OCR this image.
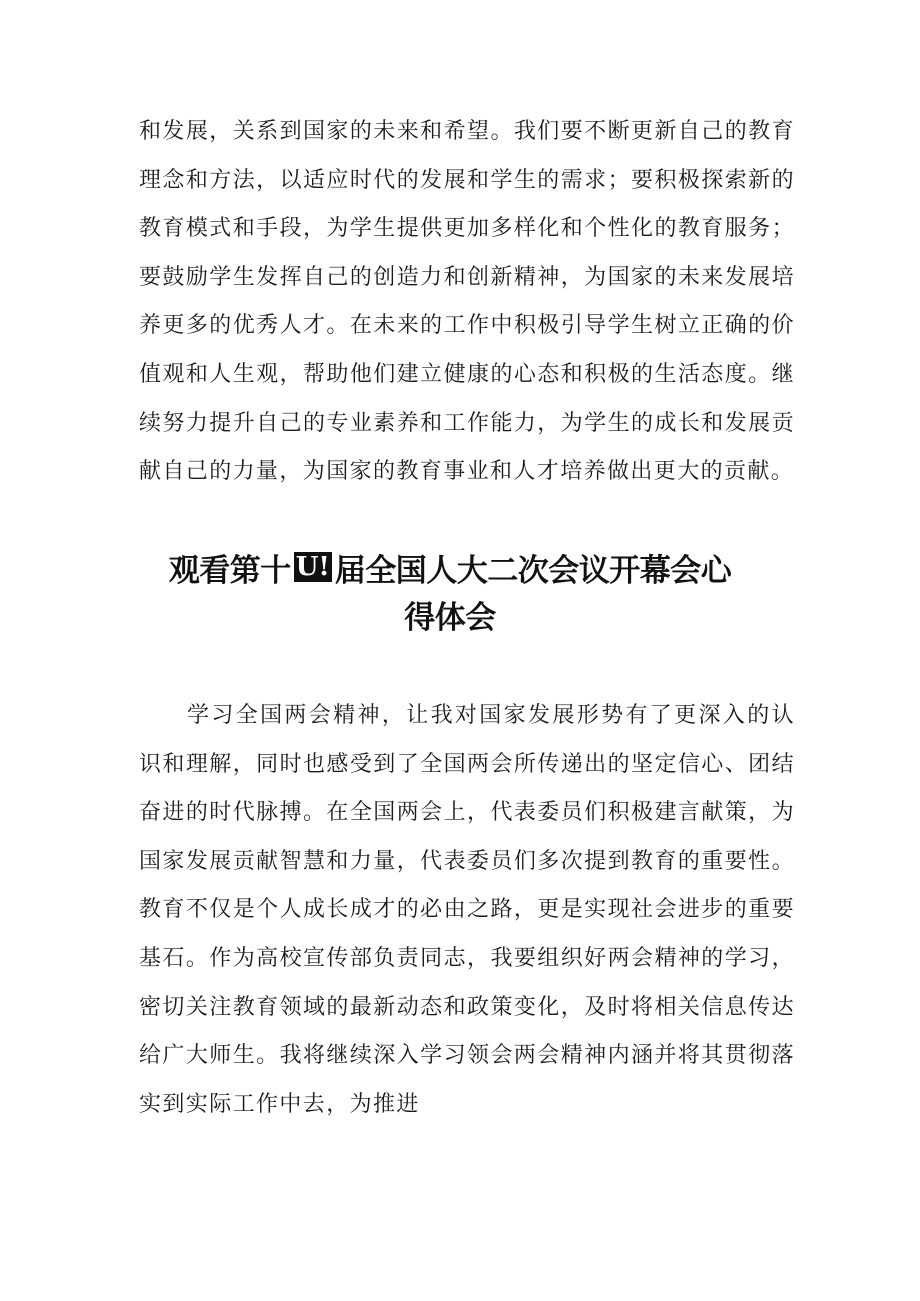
和发展，关系到国家的未来和希望。我们要不断更新自己的教育理念和方法，以适应时代的发展和学生的需求；要积极探索新的教育模式和手段，为学生提供更加多样化和个性化的教育服务；要鼓励学生发挥自己的创造力和创新精神，为国家的未来发展培养更多的优秀人才。在未来的工作中积极引导学生树立正确的价值观和人生观，帮助他们建立健康的心态和积极的生活态度。继续努力提升自己的专业素养和工作能力，为学生的成长和发展贡献自己的力量，为国家的教育事业和人才培养做出更大的贡献。

观看第十 U! 届全国人大二次会议开幕会心
得体会

学习全国两会精神，让我对国家发展形势有了更深入的认识和理解，同时也感受到了全国两会所传递出的坚定信心、团结奋进的时代脉搏。在全国两会上，代表委员们积极建言献策，为国家发展贡献智慧和力量，代表委员们多次提到教育的重要性。教育不仅是个人成长成才的必由之路，更是实现社会进步的重要基石。作为高校宣传部负责同志，我要组织好两会精神的学习，密切关注教育领域的最新动态和政策变化，及时将相关信息传达给广大师生。我将继续深入学习领会两会精神内涵并将其贯彻落实到实际工作中去，为推进
